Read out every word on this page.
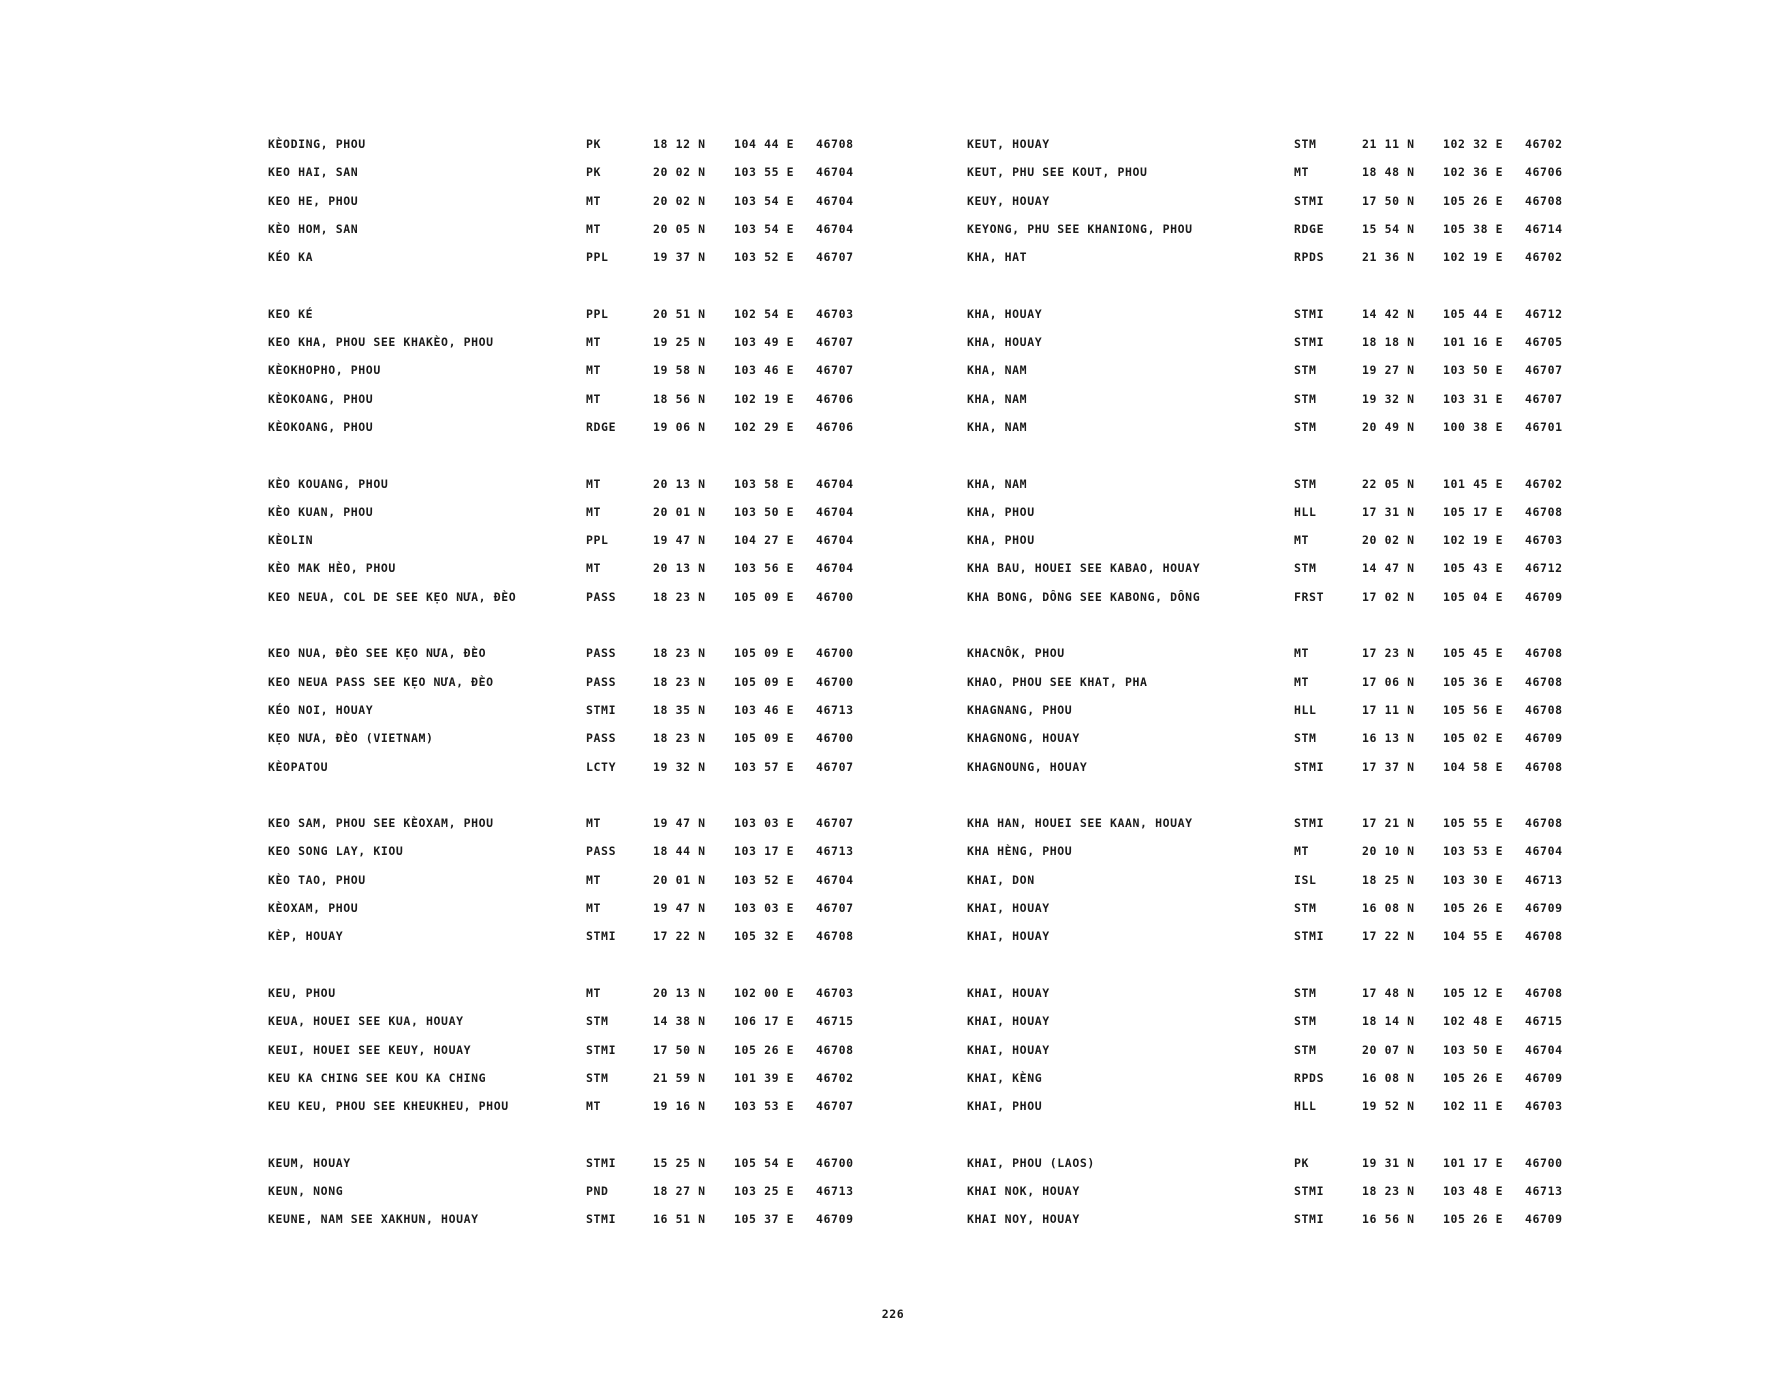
KÈODING, PHOU	PK	18 12 N 104 44 E 46708
KEO HAI, SAN	PK	20 02 N 103 55 E 46704
KEO HE, PHOU	MT	20 02 N 103 54 E 46704
KÈO HOM, SAN	MT	20 05 N 103 54 E 46704
KÉO KA	PPL	19 37 N 103 52 E 46707
KEO KÉ	PPL	20 51 N 102 54 E 46703
KEO KHA, PHOU SEE KHAKÈO, PHOU	MT	19 25 N 103 49 E 46707
KÈOKHOPHO, PHOU	MT	19 58 N 103 46 E 46707
KÈOKOANG, PHOU	MT	18 56 N 102 19 E 46706
KÈOKOANG, PHOU	RDGE	19 06 N 102 29 E 46706
KÈO KOUANG, PHOU	MT	20 13 N 103 58 E 46704
KÈO KUAN, PHOU	MT	20 01 N 103 50 E 46704
KÈOLIN	PPL	19 47 N 104 27 E 46704
KÈO MAK HÈO, PHOU	MT	20 13 N 103 56 E 46704
KEO NEUA, COL DE SEE KẸO NƯA, ĐÈO	PASS	18 23 N 105 09 E 46700
KEO NUA, ĐÈO SEE KẸO NƯA, ĐÈO	PASS	18 23 N 105 09 E 46700
KEO NEUA PASS SEE KẸO NƯA, ĐÈO	PASS	18 23 N 105 09 E 46700
KÉO NOI, HOUAY	STMI	18 35 N 103 46 E 46713
KẸO NƯA, ĐÈO (VIETNAM)	PASS	18 23 N 105 09 E 46700
KÈOPATOU	LCTY	19 32 N 103 57 E 46707
KEO SAM, PHOU SEE KÈOXAM, PHOU	MT	19 47 N 103 03 E 46707
KEO SONG LAY, KIOU	PASS	18 44 N 103 17 E 46713
KÈO TAO, PHOU	MT	20 01 N 103 52 E 46704
KÈOXAM, PHOU	MT	19 47 N 103 03 E 46707
KÈP, HOUAY	STMI	17 22 N 105 32 E 46708
KEU, PHOU	MT	20 13 N 102 00 E 46703
KEUA, HOUEI SEE KUA, HOUAY	STM	14 38 N 106 17 E 46715
KEUI, HOUEI SEE KEUY, HOUAY	STMI	17 50 N 105 26 E 46708
KEU KA CHING SEE KOU KA CHING	STM	21 59 N 101 39 E 46702
KEU KEU, PHOU SEE KHEUKHEU, PHOU	MT	19 16 N 103 53 E 46707
KEUM, HOUAY	STMI	15 25 N 105 54 E 46700
KEUN, NONG	PND	18 27 N 103 25 E 46713
KEUNE, NAM SEE XAKHUN, HOUAY	STMI	16 51 N 105 37 E 46709
KEUT, HOUAY	STM	21 11 N 102 32 E 46702
KEUT, PHU SEE KOUT, PHOU	MT	18 48 N 102 36 E 46706
KEUY, HOUAY	STMI	17 50 N 105 26 E 46708
KEYONG, PHU SEE KHANIONG, PHOU	RDGE	15 54 N 105 38 E 46714
KHA, HAT	RPDS	21 36 N 102 19 E 46702
KHA, HOUAY	STMI	14 42 N 105 44 E 46712
KHA, HOUAY	STMI	18 18 N 101 16 E 46705
KHA, NAM	STM	19 27 N 103 50 E 46707
KHA, NAM	STM	19 32 N 103 31 E 46707
KHA, NAM	STM	20 49 N 100 38 E 46701
KHA, NAM	STM	22 05 N 101 45 E 46702
KHA, PHOU	HLL	17 31 N 105 17 E 46708
KHA, PHOU	MT	20 02 N 102 19 E 46703
KHA BAU, HOUEI SEE KABAO, HOUAY	STM	14 47 N 105 43 E 46712
KHA BONG, DÔNG SEE KABONG, DÔNG	FRST	17 02 N 105 04 E 46709
KHACNÔK, PHOU	MT	17 23 N 105 45 E 46708
KHAO, PHOU SEE KHAT, PHA	MT	17 06 N 105 36 E 46708
KHAGNANG, PHOU	HLL	17 11 N 105 56 E 46708
KHAGNONG, HOUAY	STM	16 13 N 105 02 E 46709
KHAGNOUNG, HOUAY	STMI	17 37 N 104 58 E 46708
KHA HAN, HOUEI SEE KAAN, HOUAY	STMI	17 21 N 105 55 E 46708
KHA HÈNG, PHOU	MT	20 10 N 103 53 E 46704
KHAI, DON	ISL	18 25 N 103 30 E 46713
KHAI, HOUAY	STM	16 08 N 105 26 E 46709
KHAI, HOUAY	STMI	17 22 N 104 55 E 46708
KHAI, HOUAY	STM	17 48 N 105 12 E 46708
KHAI, HOUAY	STM	18 14 N 102 48 E 46715
KHAI, HOUAY	STM	20 07 N 103 50 E 46704
KHAI, KÈNG	RPDS	16 08 N 105 26 E 46709
KHAI, PHOU	HLL	19 52 N 102 11 E 46703
KHAI, PHOU (LAOS)	PK	19 31 N 101 17 E 46700
KHAI NOK, HOUAY	STMI	18 23 N 103 48 E 46713
KHAI NOY, HOUAY	STMI	16 56 N 105 26 E 46709
226
